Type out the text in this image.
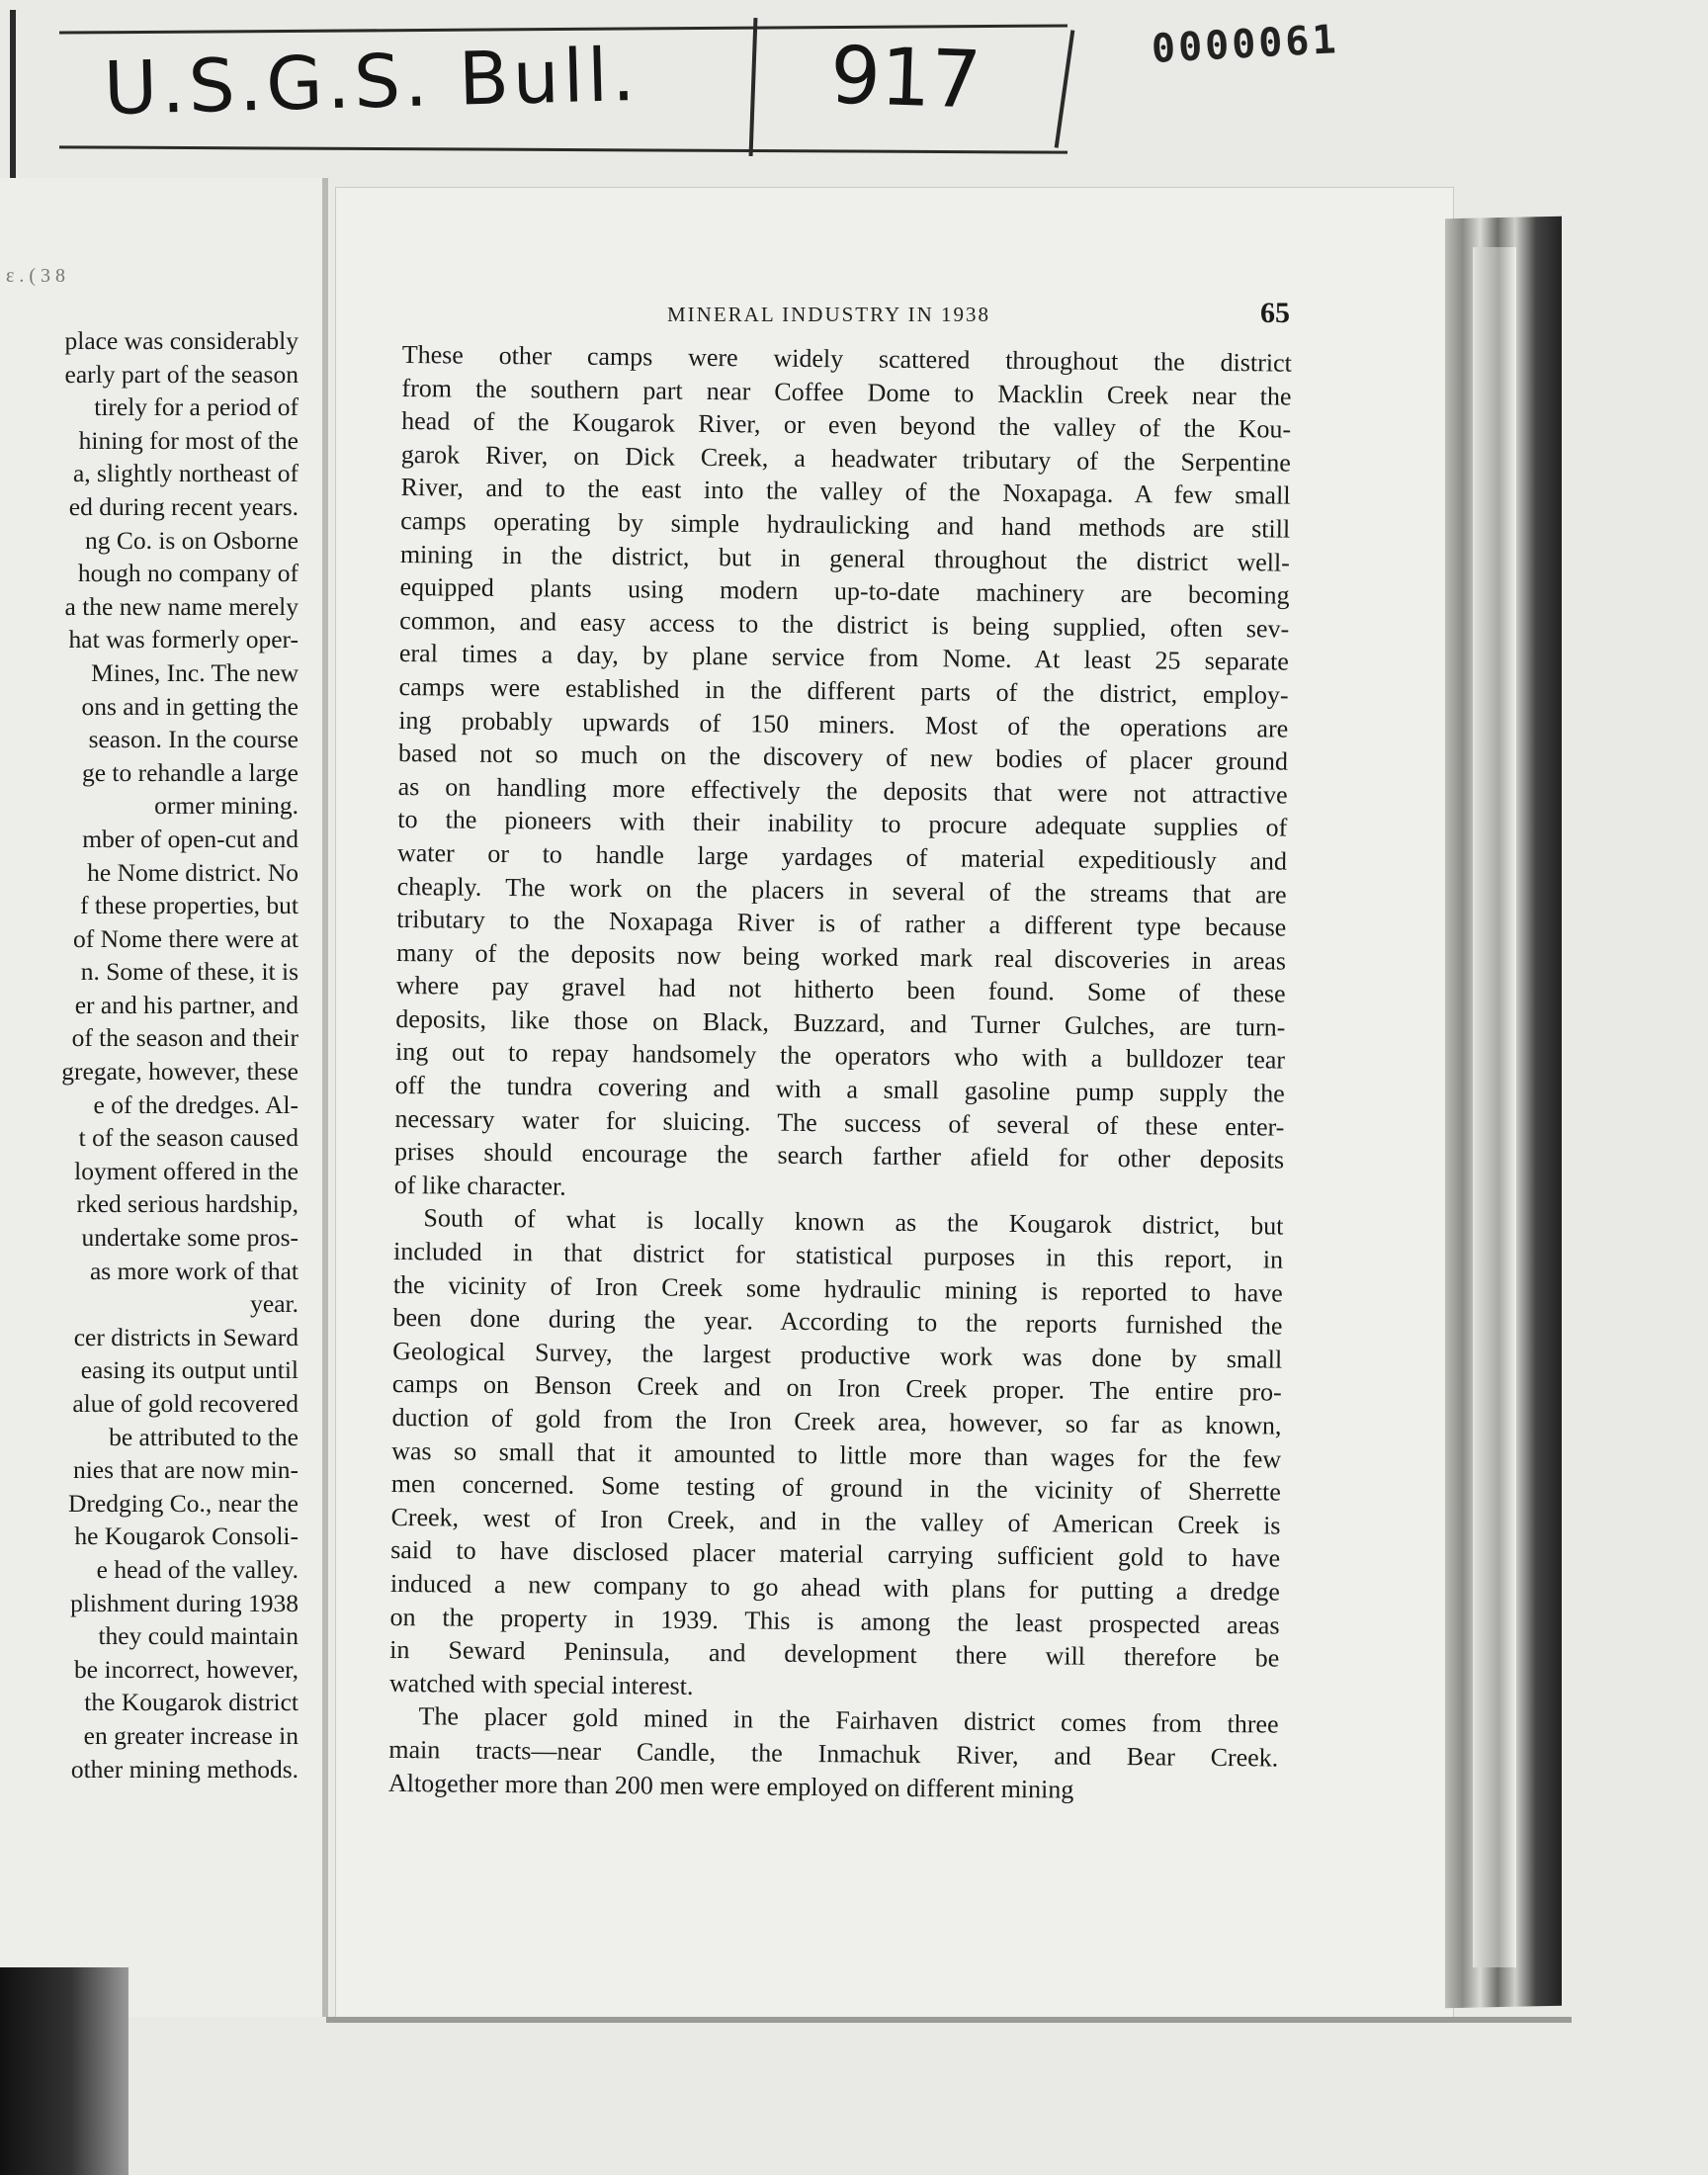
U.S.G.S. Bull. 917	0000061
ɛ . ( 3 8
place was considerably
early part of the season
tirely for a period of
hining for most of the
a, slightly northeast of
ed during recent years.
ng Co. is on Osborne
hough no company of
a the new name merely
hat was formerly oper-
Mines, Inc. The new
ons and in getting the
season. In the course
ge to rehandle a large
ormer mining.
mber of open-cut and
he Nome district. No
f these properties, but
of Nome there were at
n. Some of these, it is
er and his partner, and
of the season and their
gregate, however, these
e of the dredges. Al-
t of the season caused
loyment offered in the
rked serious hardship,
undertake some pros-
as more work of that
year.
cer districts in Seward
easing its output until
alue of gold recovered
be attributed to the
nies that are now min-
Dredging Co., near the
he Kougarok Consoli-
e head of the valley.
plishment during 1938
they could maintain
be incorrect, however,
the Kougarok district
en greater increase in
other mining methods.
MINERAL INDUSTRY IN 1938	65

These other camps were widely scattered throughout the district
from the southern part near Coffee Dome to Macklin Creek near the
head of the Kougarok River, or even beyond the valley of the Kou-
garok River, on Dick Creek, a headwater tributary of the Serpentine
River, and to the east into the valley of the Noxapaga. A few small
camps operating by simple hydraulicking and hand methods are still
mining in the district, but in general throughout the district well-
equipped plants using modern up-to-date machinery are becoming
common, and easy access to the district is being supplied, often sev-
eral times a day, by plane service from Nome. At least 25 separate
camps were established in the different parts of the district, employ-
ing probably upwards of 150 miners. Most of the operations are
based not so much on the discovery of new bodies of placer ground
as on handling more effectively the deposits that were not attractive
to the pioneers with their inability to procure adequate supplies of
water or to handle large yardages of material expeditiously and
cheaply. The work on the placers in several of the streams that are
tributary to the Noxapaga River is of rather a different type because
many of the deposits now being worked mark real discoveries in areas
where pay gravel had not hitherto been found. Some of these
deposits, like those on Black, Buzzard, and Turner Gulches, are turn-
ing out to repay handsomely the operators who with a bulldozer tear
off the tundra covering and with a small gasoline pump supply the
necessary water for sluicing. The success of several of these enter-
prises should encourage the search farther afield for other deposits
of like character.

South of what is locally known as the Kougarok district, but
included in that district for statistical purposes in this report, in
the vicinity of Iron Creek some hydraulic mining is reported to have
been done during the year. According to the reports furnished the
Geological Survey, the largest productive work was done by small
camps on Benson Creek and on Iron Creek proper. The entire pro-
duction of gold from the Iron Creek area, however, so far as known,
was so small that it amounted to little more than wages for the few
men concerned. Some testing of ground in the vicinity of Sherrette
Creek, west of Iron Creek, and in the valley of American Creek is
said to have disclosed placer material carrying sufficient gold to have
induced a new company to go ahead with plans for putting a dredge
on the property in 1939. This is among the least prospected areas
in Seward Peninsula, and development there will therefore be
watched with special interest.

The placer gold mined in the Fairhaven district comes from three
main tracts—near Candle, the Inmachuk River, and Bear Creek.
Altogether more than 200 men were employed on different mining
